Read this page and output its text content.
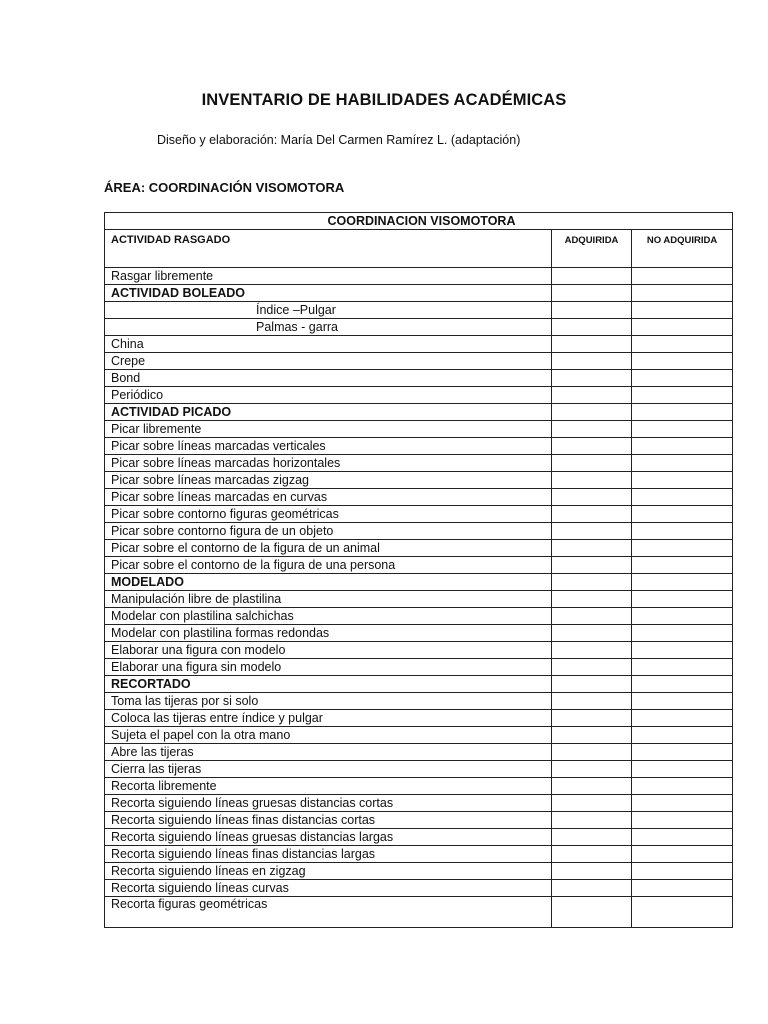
INVENTARIO DE HABILIDADES ACADÉMICAS
Diseño y elaboración: María Del Carmen Ramírez L. (adaptación)
ÁREA: COORDINACIÓN VISOMOTORA
COORDINACION VISOMOTORA		
ACTIVIDAD RASGADO	ADQUIRIDA	NO ADQUIRIDA
Rasgar libremente		
ACTIVIDAD BOLEADO		
Índice –Pulgar		
Palmas - garra		
China		
Crepe		
Bond		
Periódico		
ACTIVIDAD PICADO		
Picar libremente		
Picar sobre líneas marcadas verticales		
Picar sobre líneas marcadas horizontales		
Picar sobre líneas marcadas zigzag		
Picar sobre líneas marcadas en curvas		
Picar sobre contorno figuras geométricas		
Picar sobre contorno figura de un objeto		
Picar sobre el contorno de la figura de un animal		
Picar sobre el contorno de la figura de una persona		
MODELADO		
Manipulación libre de plastilina		
Modelar con plastilina salchichas		
Modelar con plastilina formas redondas		
Elaborar una figura con modelo		
Elaborar una figura sin modelo		
RECORTADO		
Toma las tijeras por si solo		
Coloca las tijeras entre índice y pulgar		
Sujeta el papel con la otra mano		
Abre las tijeras		
Cierra las tijeras		
Recorta libremente		
Recorta siguiendo líneas gruesas distancias cortas		
Recorta siguiendo líneas finas distancias cortas		
Recorta siguiendo líneas gruesas distancias largas		
Recorta siguiendo líneas finas distancias largas		
Recorta siguiendo líneas en zigzag		
Recorta siguiendo líneas curvas		
Recorta figuras geométricas		
